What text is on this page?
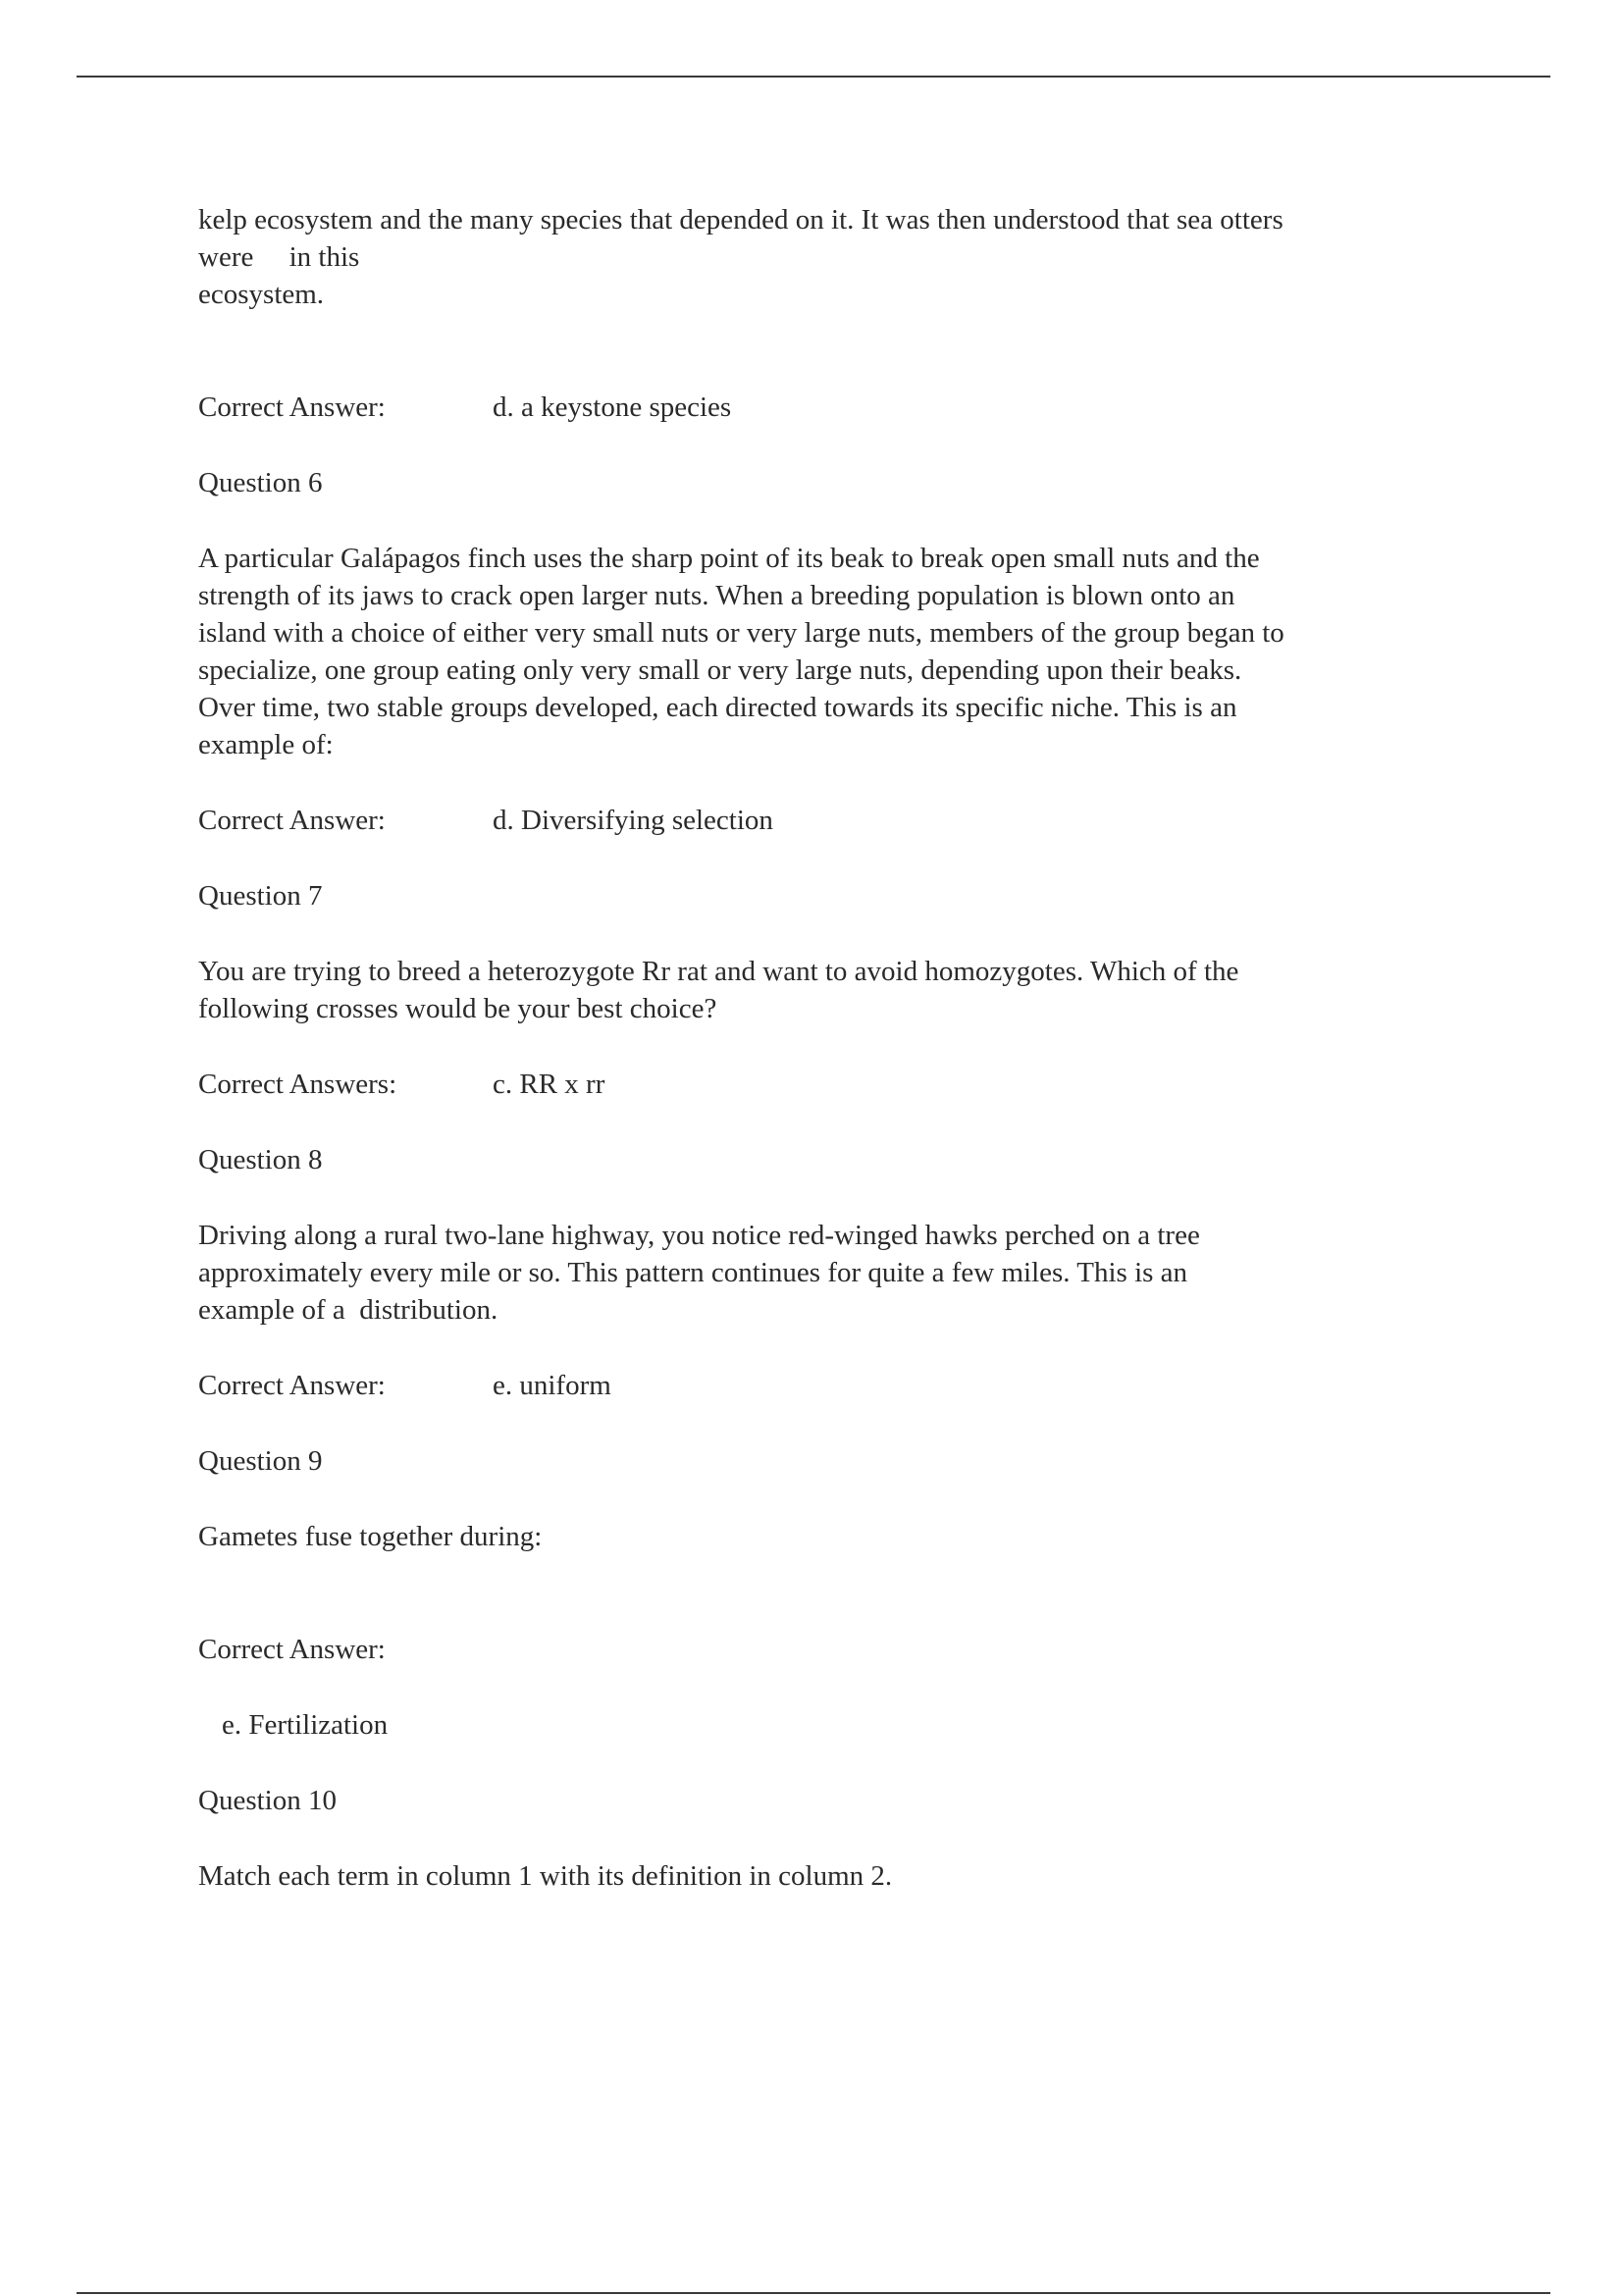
kelp ecosystem and the many species that depended on it. It was then understood that sea otters

were     in this

ecosystem.

Correct Answer:	d. a keystone species

Question 6

A particular Galápagos finch uses the sharp point of its beak to break open small nuts and the

strength of its jaws to crack open larger nuts. When a breeding population is blown onto an

island with a choice of either very small nuts or very large nuts, members of the group began to

specialize, one group eating only very small or very large nuts, depending upon their beaks.

Over time, two stable groups developed, each directed towards its specific niche. This is an

example of:

Correct Answer:	d. Diversifying selection

Question 7

You are trying to breed a heterozygote Rr rat and want to avoid homozygotes. Which of the

following crosses would be your best choice?

Correct Answers:	c. RR x rr

Question 8

Driving along a rural two-lane highway, you notice red-winged hawks perched on a tree

approximately every mile or so. This pattern continues for quite a few miles. This is an

example of a  distribution.

Correct Answer:	e. uniform

Question 9

Gametes fuse together during:

Correct Answer:

e. Fertilization

Question 10

Match each term in column 1 with its definition in column 2.
